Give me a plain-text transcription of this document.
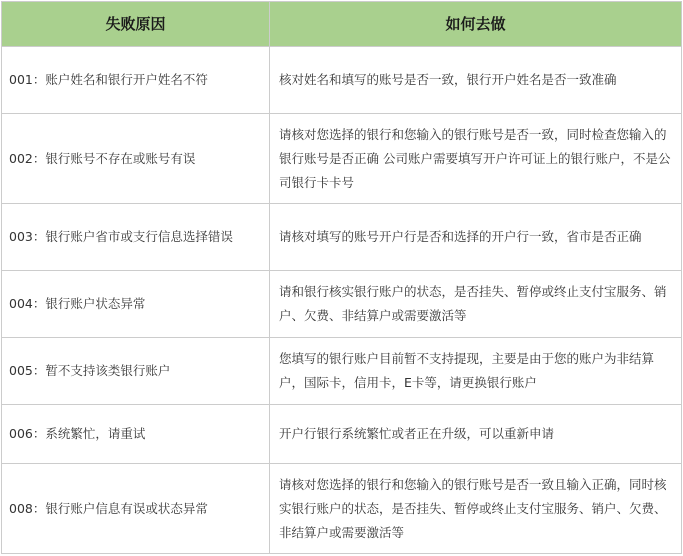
失败原因	如何去做
001：账户姓名和银行开户姓名不符	核对姓名和填写的账号是否一致，银行开户姓名是否一致准确
002：银行账号不存在或账号有误	请核对您选择的银行和您输入的银行账号是否一致，同时检查您输入的银行账号是否正确 公司账户需要填写开户许可证上的银行账户，不是公司银行卡卡号
003：银行账户省市或支行信息选择错误	请核对填写的账号开户行是否和选择的开户行一致，省市是否正确
004：银行账户状态异常	请和银行核实银行账户的状态，是否挂失、暂停或终止支付宝服务、销户、欠费、非结算户或需要激活等
005：暂不支持该类银行账户	您填写的银行账户目前暂不支持提现，主要是由于您的账户为非结算户，国际卡，信用卡，E卡等，请更换银行账户
006：系统繁忙，请重试	开户行银行系统繁忙或者正在升级，可以重新申请
008：银行账户信息有误或状态异常	请核对您选择的银行和您输入的银行账号是否一致且输入正确，同时核实银行账户的状态，是否挂失、暂停或终止支付宝服务、销户、欠费、非结算户或需要激活等
